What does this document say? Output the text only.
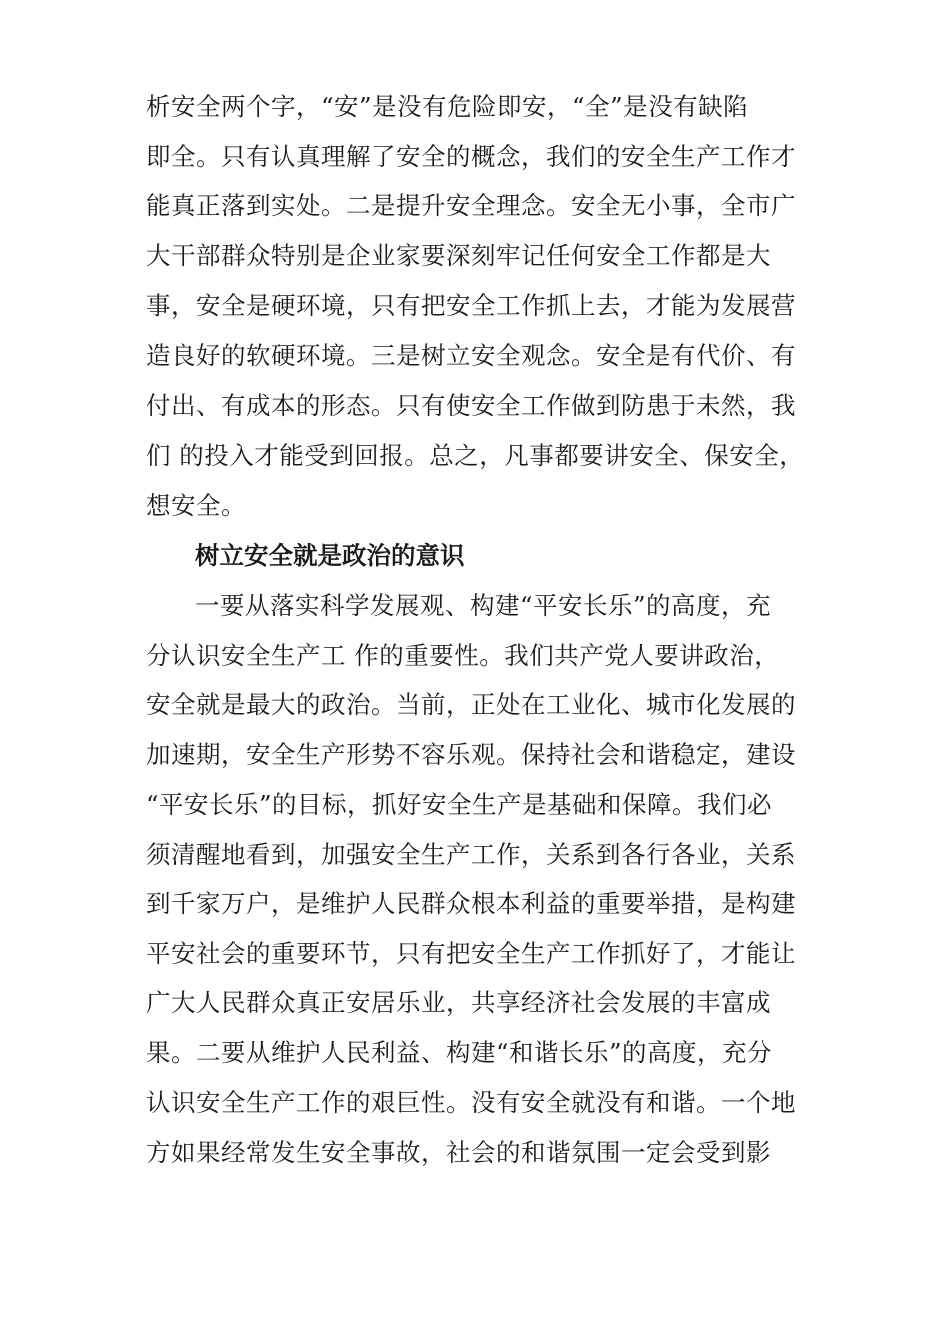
析安全两个字，“安”是没有危险即安，“全”是没有缺陷
即全。只有认真理解了安全的概念，我们的安全生产工作才
能真正落到实处。二是提升安全理念。安全无小事，全市广
大干部群众特别是企业家要深刻牢记任何安全工作都是大
事，安全是硬环境，只有把安全工作抓上去，才能为发展营
造良好的软硬环境。三是树立安全观念。安全是有代价、有
付出、有成本的形态。只有使安全工作做到防患于未然，我
们 的投入才能受到回报。总之，凡事都要讲安全、保安全，
想安全。
树立安全就是政治的意识
一要从落实科学发展观、构建“平安长乐”的高度，充
分认识安全生产工 作的重要性。我们共产党人要讲政治，
安全就是最大的政治。当前，正处在工业化、城市化发展的
加速期，安全生产形势不容乐观。保持社会和谐稳定，建设
“平安长乐”的目标，抓好安全生产是基础和保障。我们必
须清醒地看到，加强安全生产工作，关系到各行各业，关系
到千家万户，是维护人民群众根本利益的重要举措，是构建
平安社会的重要环节，只有把安全生产工作抓好了，才能让
广大人民群众真正安居乐业，共享经济社会发展的丰富成
果。二要从维护人民利益、构建“和谐长乐”的高度，充分
认识安全生产工作的艰巨性。没有安全就没有和谐。一个地
方如果经常发生安全事故，社会的和谐氛围一定会受到影
